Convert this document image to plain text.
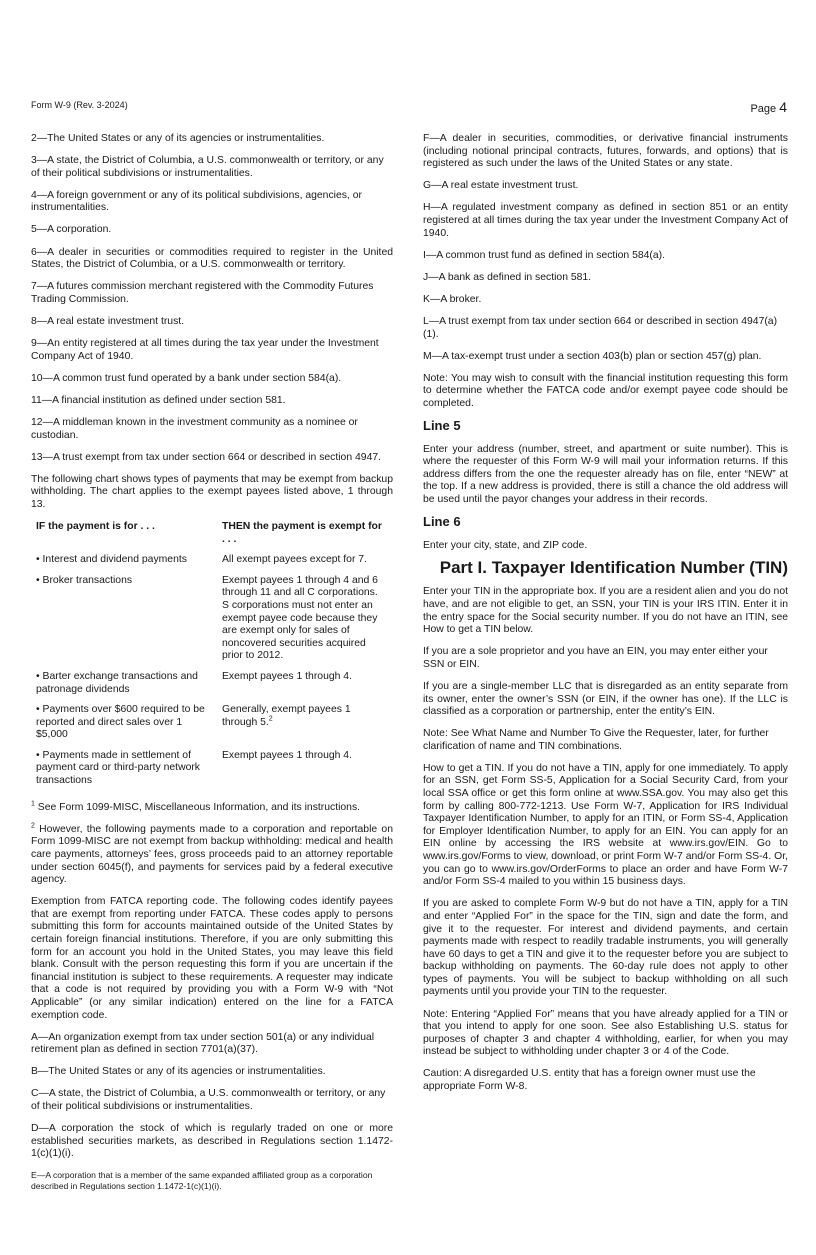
Form W-9 (Rev. 3-2024)	Page 4

2—The United States or any of its agencies or instrumentalities.

3—A state, the District of Columbia, a U.S. commonwealth or territory, or any of their political subdivisions or instrumentalities.

4—A foreign government or any of its political subdivisions, agencies, or instrumentalities.

5—A corporation.

6—A dealer in securities or commodities required to register in the United States, the District of Columbia, or a U.S. commonwealth or territory.

7—A futures commission merchant registered with the Commodity Futures Trading Commission.

8—A real estate investment trust.

9—An entity registered at all times during the tax year under the Investment Company Act of 1940.

10—A common trust fund operated by a bank under section 584(a).

11—A financial institution as defined under section 581.

12—A middleman known in the investment community as a nominee or custodian.

13—A trust exempt from tax under section 664 or described in section 4947.

The following chart shows types of payments that may be exempt from backup withholding. The chart applies to the exempt payees listed above, 1 through 13.

IF the payment is for . . .	THEN the payment is exempt for . . .
• Interest and dividend payments	All exempt payees except for 7.
• Broker transactions	Exempt payees 1 through 4 and 6 through 11 and all C corporations. S corporations must not enter an exempt payee code because they are exempt only for sales of noncovered securities acquired prior to 2012.
• Barter exchange transactions and patronage dividends	Exempt payees 1 through 4.
• Payments over $600 required to be reported and direct sales over 1
$5,000	Generally, exempt payees 1 through 5.$^2$
• Payments made in settlement of payment card or third-party network transactions	Exempt payees 1 through 4.

$^1$ See Form 1099-MISC, Miscellaneous Information, and its instructions.

$^2$ However, the following payments made to a corporation and reportable on Form 1099-MISC are not exempt from backup withholding: medical and health care payments, attorneys’ fees, gross proceeds paid to an attorney reportable under section 6045(f), and payments for services paid by a federal executive agency.

Exemption from FATCA reporting code. The following codes identify payees that are exempt from reporting under FATCA. These codes apply to persons submitting this form for accounts maintained outside of the United States by certain foreign financial institutions. Therefore, if you are only submitting this form for an account you hold in the United States, you may leave this field blank. Consult with the person requesting this form if you are uncertain if the financial institution is subject to these requirements. A requester may indicate that a code is not required by providing you with a Form W-9 with “Not Applicable” (or any similar indication) entered on the line for a FATCA exemption code.

A—An organization exempt from tax under section 501(a) or any individual retirement plan as defined in section 7701(a)(37).

B—The United States or any of its agencies or instrumentalities.

C—A state, the District of Columbia, a U.S. commonwealth or territory, or any of their political subdivisions or instrumentalities.

D—A corporation the stock of which is regularly traded on one or more established securities markets, as described in Regulations section 1.1472-1(c)(1)(i).

E—A corporation that is a member of the same expanded affiliated group as a corporation described in Regulations section 1.1472-1(c)(1)(i).

F—A dealer in securities, commodities, or derivative financial instruments (including notional principal contracts, futures, forwards, and options) that is registered as such under the laws of the United States or any state.

G—A real estate investment trust.

H—A regulated investment company as defined in section 851 or an entity registered at all times during the tax year under the Investment Company Act of 1940.

I—A common trust fund as defined in section 584(a).

J—A bank as defined in section 581.

K—A broker.

L—A trust exempt from tax under section 664 or described in section 4947(a)(1).

M—A tax-exempt trust under a section 403(b) plan or section 457(g) plan.

Note: You may wish to consult with the financial institution requesting this form to determine whether the FATCA code and/or exempt payee code should be completed.

Line 5

Enter your address (number, street, and apartment or suite number). This is where the requester of this Form W-9 will mail your information returns. If this address differs from the one the requester already has on file, enter “NEW” at the top. If a new address is provided, there is still a chance the old address will be used until the payor changes your address in their records.

Line 6

Enter your city, state, and ZIP code.

Part I. Taxpayer Identification Number (TIN)

Enter your TIN in the appropriate box. If you are a resident alien and you do not have, and are not eligible to get, an SSN, your TIN is your IRS ITIN. Enter it in the entry space for the Social security number. If you do not have an ITIN, see How to get a TIN below.

If you are a sole proprietor and you have an EIN, you may enter either your SSN or EIN.

If you are a single-member LLC that is disregarded as an entity separate from its owner, enter the owner’s SSN (or EIN, if the owner has one). If the LLC is classified as a corporation or partnership, enter the entity’s EIN.

Note: See What Name and Number To Give the Requester, later, for further clarification of name and TIN combinations.

How to get a TIN. If you do not have a TIN, apply for one immediately. To apply for an SSN, get Form SS-5, Application for a Social Security Card, from your local SSA office or get this form online at www.SSA.gov. You may also get this form by calling 800-772-1213. Use Form W-7, Application for IRS Individual Taxpayer Identification Number, to apply for an ITIN, or Form SS-4, Application for Employer Identification Number, to apply for an EIN. You can apply for an EIN online by accessing the IRS website at www.irs.gov/EIN. Go to www.irs.gov/Forms to view, download, or print Form W-7 and/or Form SS-4. Or, you can go to www.irs.gov/OrderForms to place an order and have Form W-7 and/or Form SS-4 mailed to you within 15 business days.

If you are asked to complete Form W-9 but do not have a TIN, apply for a TIN and enter “Applied For” in the space for the TIN, sign and date the form, and give it to the requester. For interest and dividend payments, and certain payments made with respect to readily tradable instruments, you will generally have 60 days to get a TIN and give it to the requester before you are subject to backup withholding on payments. The 60-day rule does not apply to other types of payments. You will be subject to backup withholding on all such payments until you provide your TIN to the requester.

Note: Entering “Applied For” means that you have already applied for a TIN or that you intend to apply for one soon. See also Establishing U.S. status for purposes of chapter 3 and chapter 4 withholding, earlier, for when you may instead be subject to withholding under chapter 3 or 4 of the Code.

Caution: A disregarded U.S. entity that has a foreign owner must use the appropriate Form W-8.
